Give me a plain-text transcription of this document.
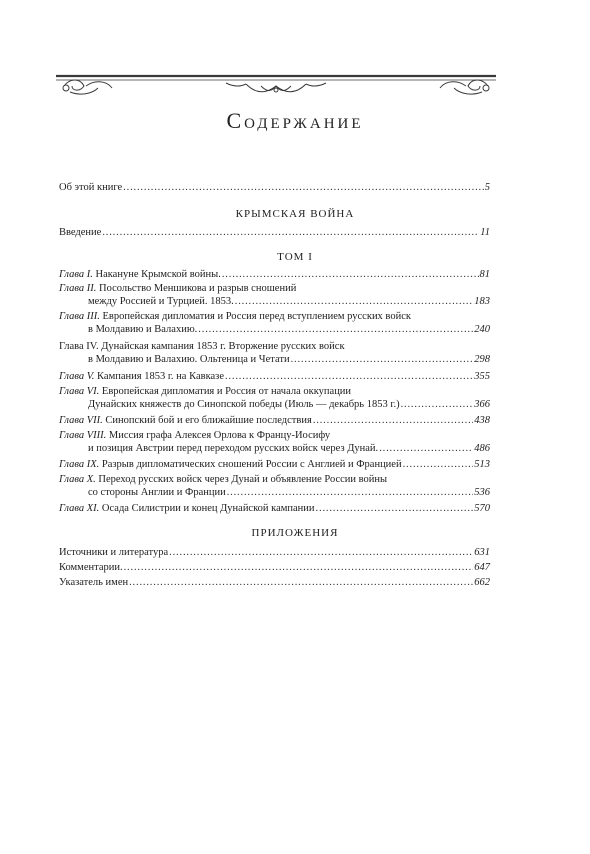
Содержание
Об этой книге . . .	5
КРЫМСКАЯ ВОЙНА
Введение . . .	11
ТОМ I
Глава I. Накануне Крымской войны. . . .	81
Глава II. Посольство Меншикова и разрыв сношений
между Россией и Турцией. 1853. . . .	183
Глава III. Европейская дипломатия и Россия перед вступлением русских войск
в Молдавию и Валахию. . . .	240
Глава IV. Дунайская кампания 1853 г. Вторжение русских войск
в Молдавию и Валахию. Ольтеница и Четати . . .	298
Глава V. Кампания 1853 г. на Кавказе . . .	355
Глава VI. Европейская дипломатия и Россия от начала оккупации
Дунайских княжеств до Синопской победы (Июль — декабрь 1853 г.) . . .	366
Глава VII. Синопский бой и его ближайшие последствия . . .	438
Глава VIII. Миссия графа Алексея Орлова к Францу-Иосифу
и позиция Австрии перед переходом русских войск через Дунай. . . .	486
Глава IX. Разрыв дипломатических сношений России с Англией и Францией . . .	513
Глава X. Переход русских войск через Дунай и объявление России войны
со стороны Англии и Франции . . .	536
Глава XI. Осада Силистрии и конец Дунайской кампании . . .	570
ПРИЛОЖЕНИЯ
Источники и литература . . .	631
Комментарии. . . .	647
Указатель имен . . .	662
